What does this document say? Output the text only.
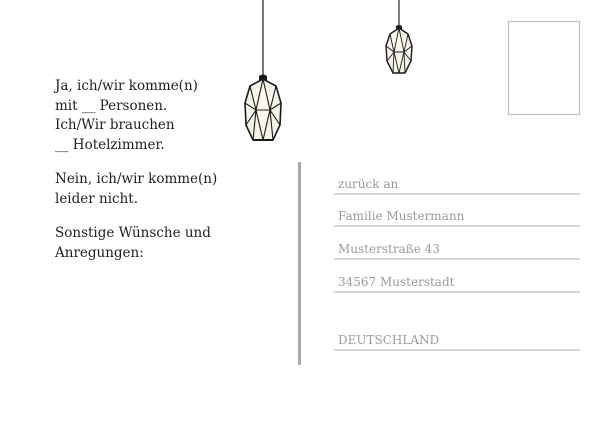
Ja, ich/wir komme(n)
mit __ Personen.
Ich/Wir brauchen
__ Hotelzimmer.
Nein, ich/wir komme(n)
leider nicht.
Sonstige Wünsche und
Anregungen:
zurück an
Familie Mustermann
Musterstraße 43
34567 Musterstadt
DEUTSCHLAND
